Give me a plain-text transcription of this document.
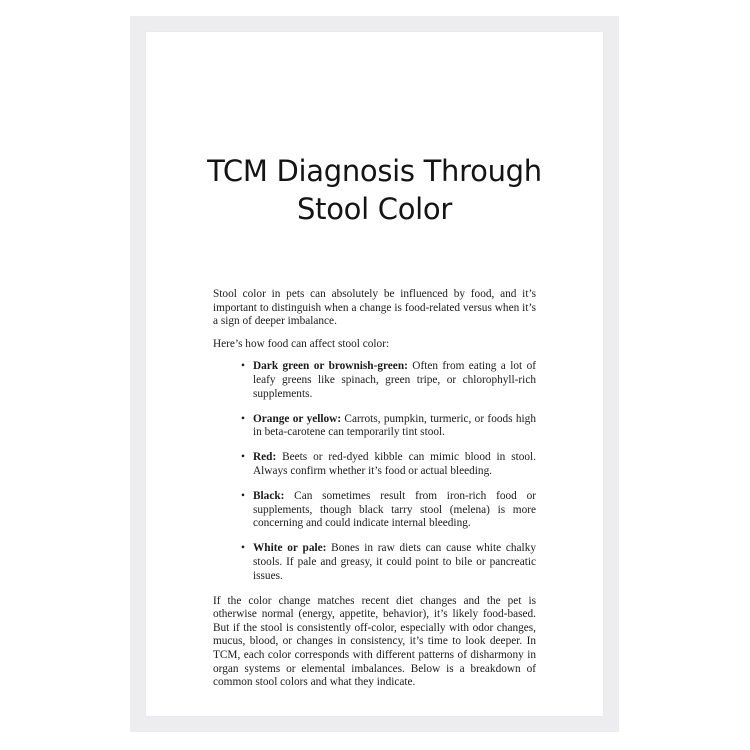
TCM Diagnosis Through
Stool Color

Stool color in pets can absolutely be influenced by food, and it’s important to distinguish when a change is food-related versus when it’s a sign of deeper imbalance.

Here’s how food can affect stool color:

• Dark green or brownish-green: Often from eating a lot of leafy greens like spinach, green tripe, or chlorophyll-rich supplements.
• Orange or yellow: Carrots, pumpkin, turmeric, or foods high in beta-carotene can temporarily tint stool.
• Red: Beets or red-dyed kibble can mimic blood in stool. Always confirm whether it’s food or actual bleeding.
• Black: Can sometimes result from iron-rich food or supplements, though black tarry stool (melena) is more concerning and could indicate internal bleeding.
• White or pale: Bones in raw diets can cause white chalky stools. If pale and greasy, it could point to bile or pancreatic issues.

If the color change matches recent diet changes and the pet is otherwise normal (energy, appetite, behavior), it’s likely food-based. But if the stool is consistently off-color, especially with odor changes, mucus, blood, or changes in consistency, it’s time to look deeper. In TCM, each color corresponds with different patterns of disharmony in organ systems or elemental imbalances. Below is a breakdown of common stool colors and what they indicate.
